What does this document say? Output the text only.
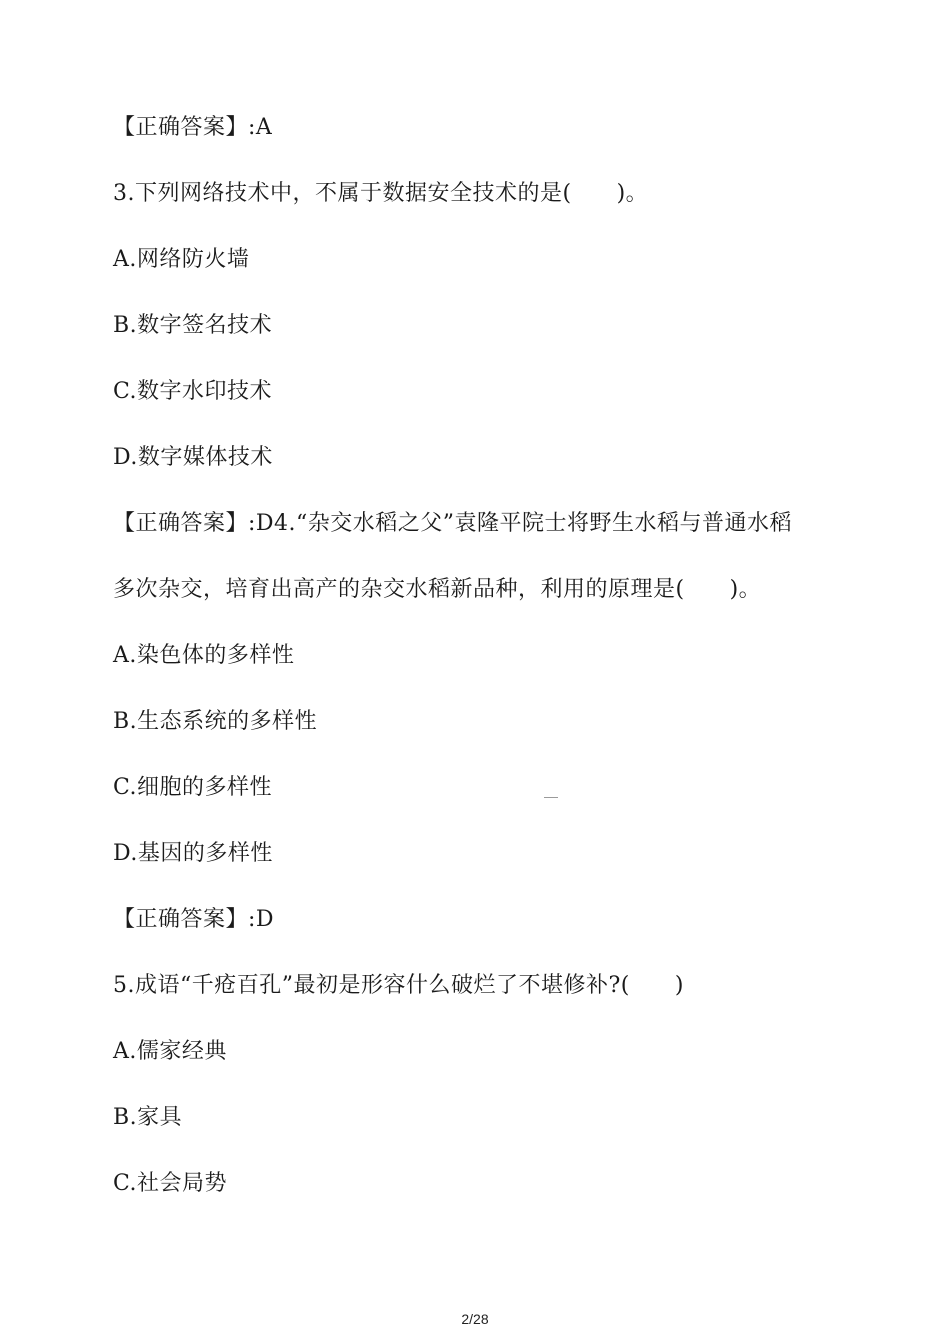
【正确答案】:A
3.下列网络技术中，不属于数据安全技术的是(　　)。
A.网络防火墙
B.数字签名技术
C.数字水印技术
D.数字媒体技术
【正确答案】:D4.“杂交水稻之父”袁隆平院士将野生水稻与普通水稻
多次杂交，培育出高产的杂交水稻新品种，利用的原理是(　　)。
A.染色体的多样性
B.生态系统的多样性
C.细胞的多样性
D.基因的多样性
【正确答案】:D
5.成语“千疮百孔”最初是形容什么破烂了不堪修补?(　　)
A.儒家经典
B.家具
C.社会局势
2/28
